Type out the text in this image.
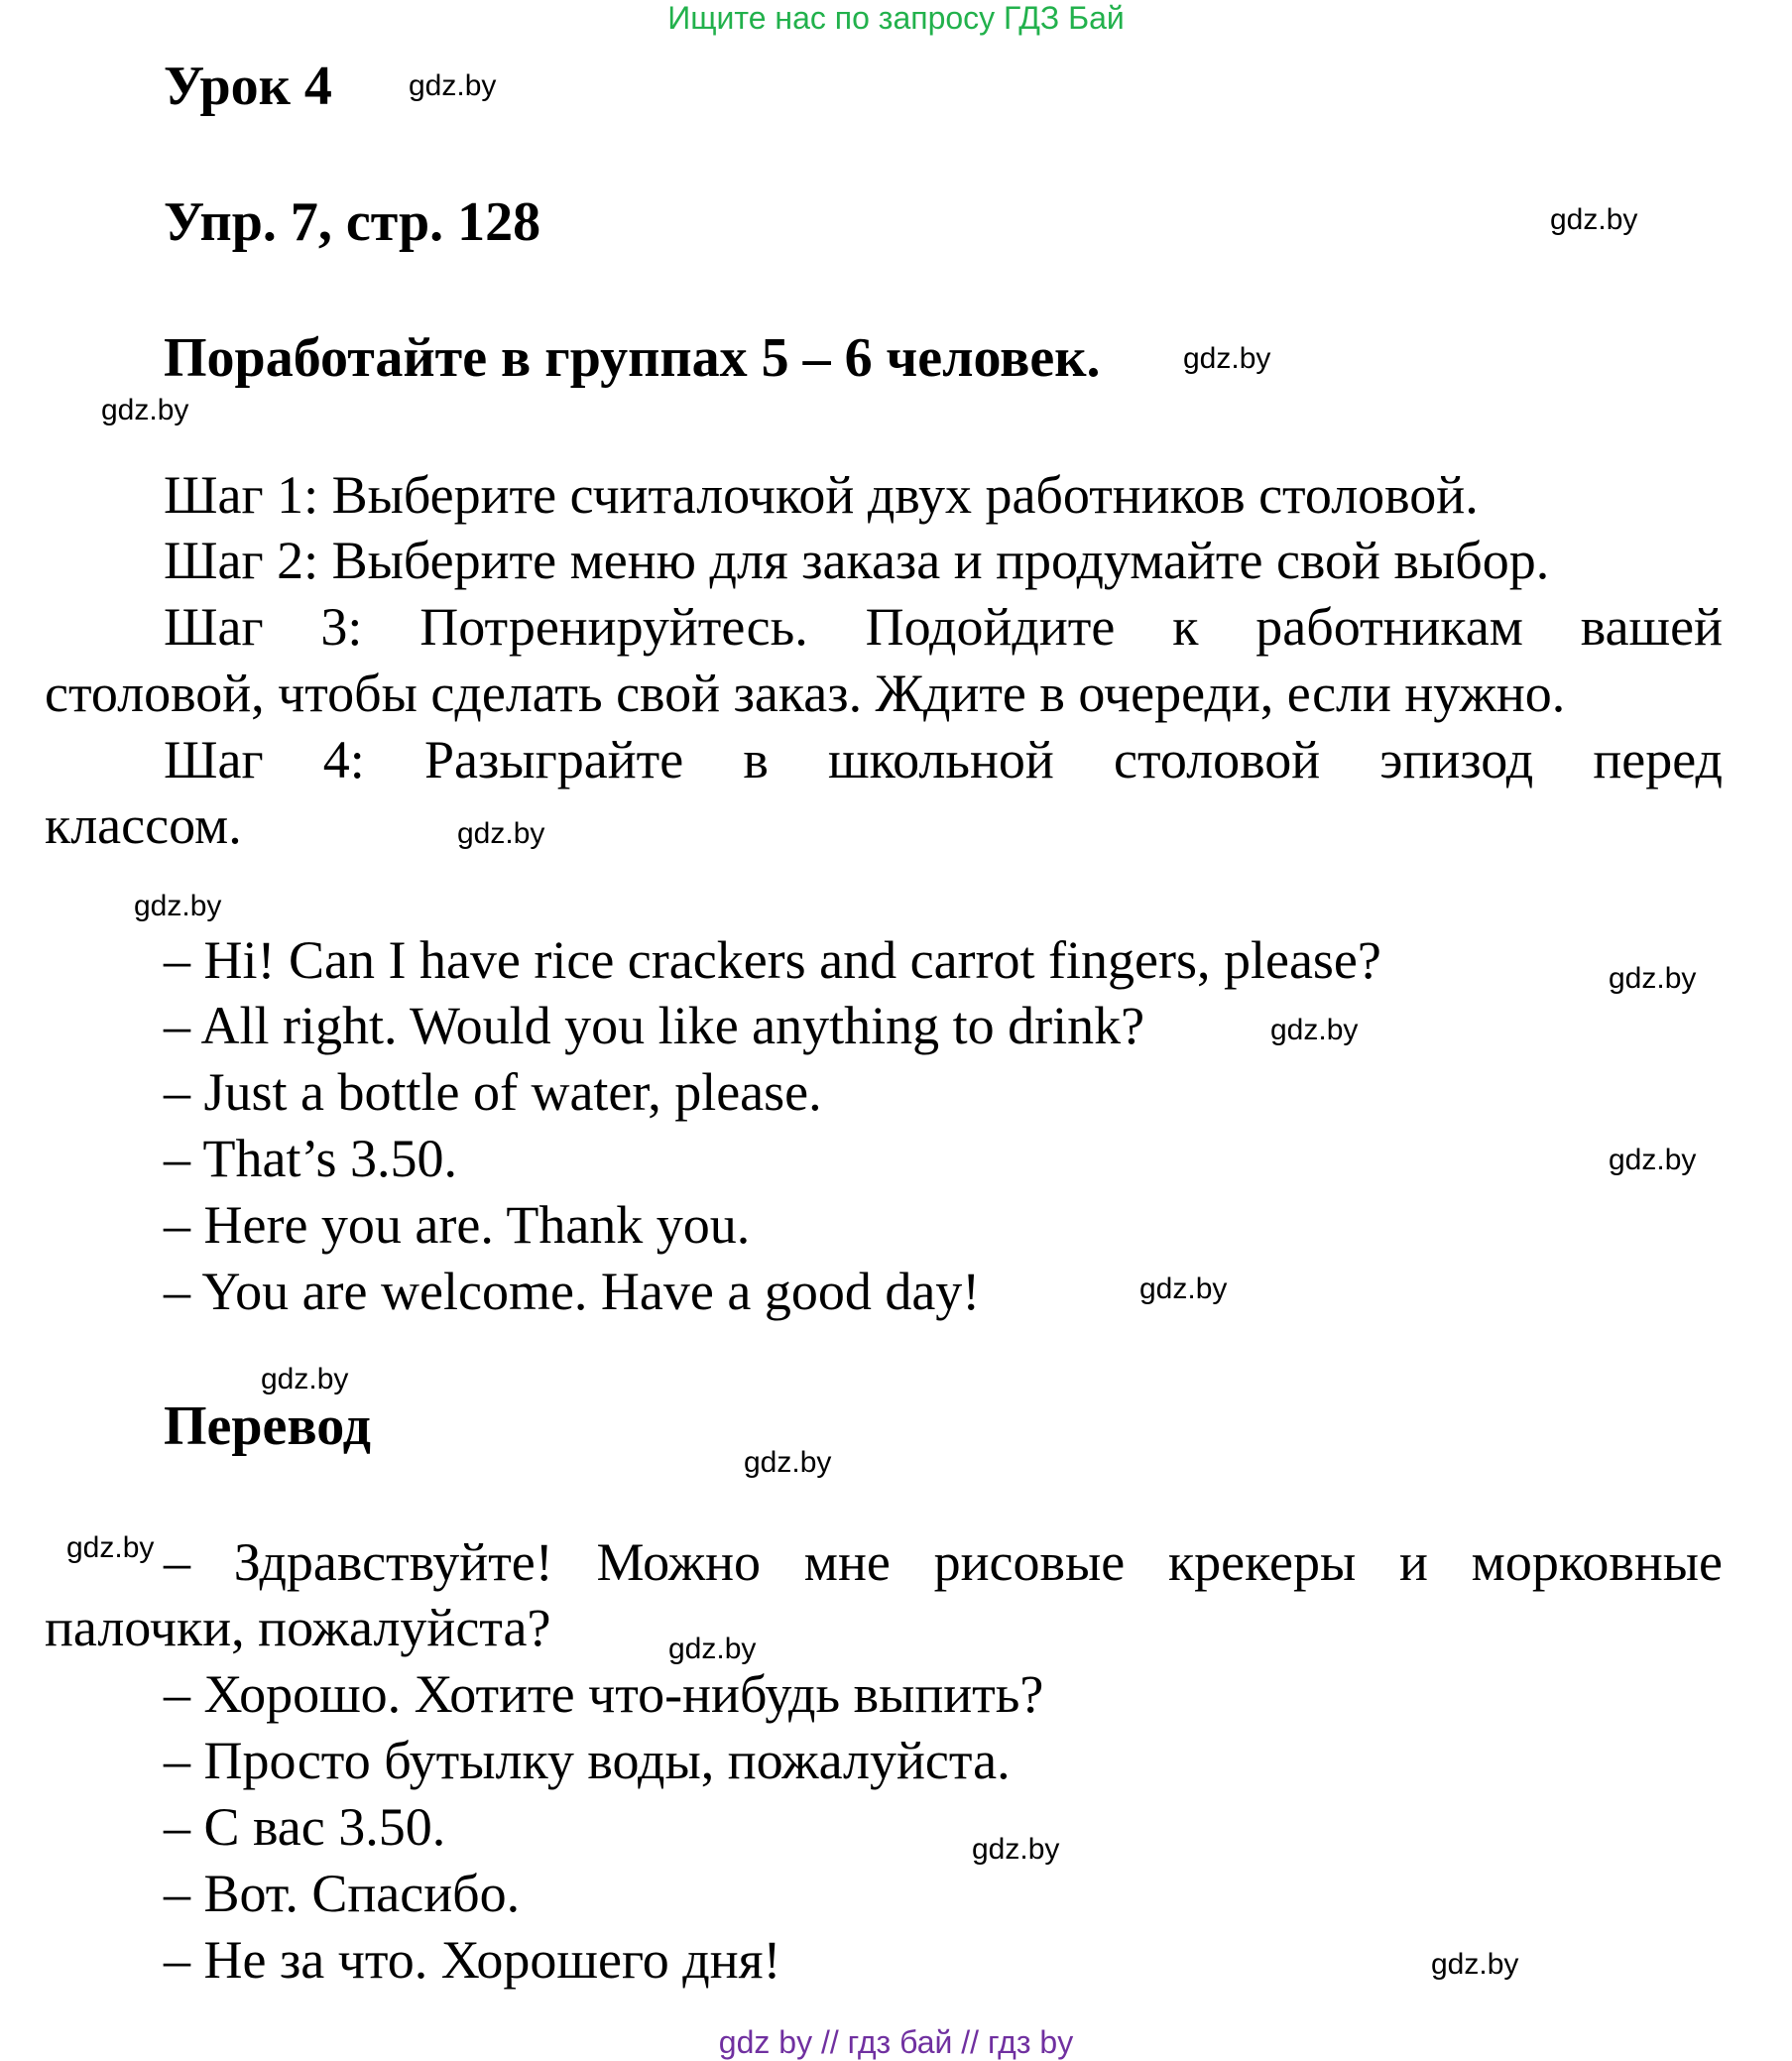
Ищите нас по запросу ГДЗ Бай
Урок 4
Упр. 7, стр. 128
Поработайте в группах 5 – 6 человек.
Шаг 1: Выберите считалочкой двух работников столовой.
Шаг 2: Выберите меню для заказа и продумайте свой выбор.
Шаг 3: Потренируйтесь. Подойдите к работникам вашей
столовой, чтобы сделать свой заказ. Ждите в очереди, если нужно.
Шаг 4: Разыграйте в школьной столовой эпизод перед
классом.
– Hi! Can I have rice crackers and carrot fingers, please?
– All right. Would you like anything to drink?
– Just a bottle of water, please.
– That’s 3.50.
– Here you are. Thank you.
– You are welcome. Have a good day!
Перевод
– Здравствуйте! Можно мне рисовые крекеры и морковные
палочки, пожалуйста?
– Хорошо. Хотите что-нибудь выпить?
– Просто бутылку воды, пожалуйста.
– С вас 3.50.
– Вот. Спасибо.
– Не за что. Хорошего дня!
gdz.by
gdz.by
gdz.by
gdz.by
gdz.by
gdz.by
gdz.by
gdz.by
gdz.by
gdz.by
gdz.by
gdz.by
gdz.by
gdz.by
gdz.by
gdz.by
gdz by // гдз бай // гдз by
